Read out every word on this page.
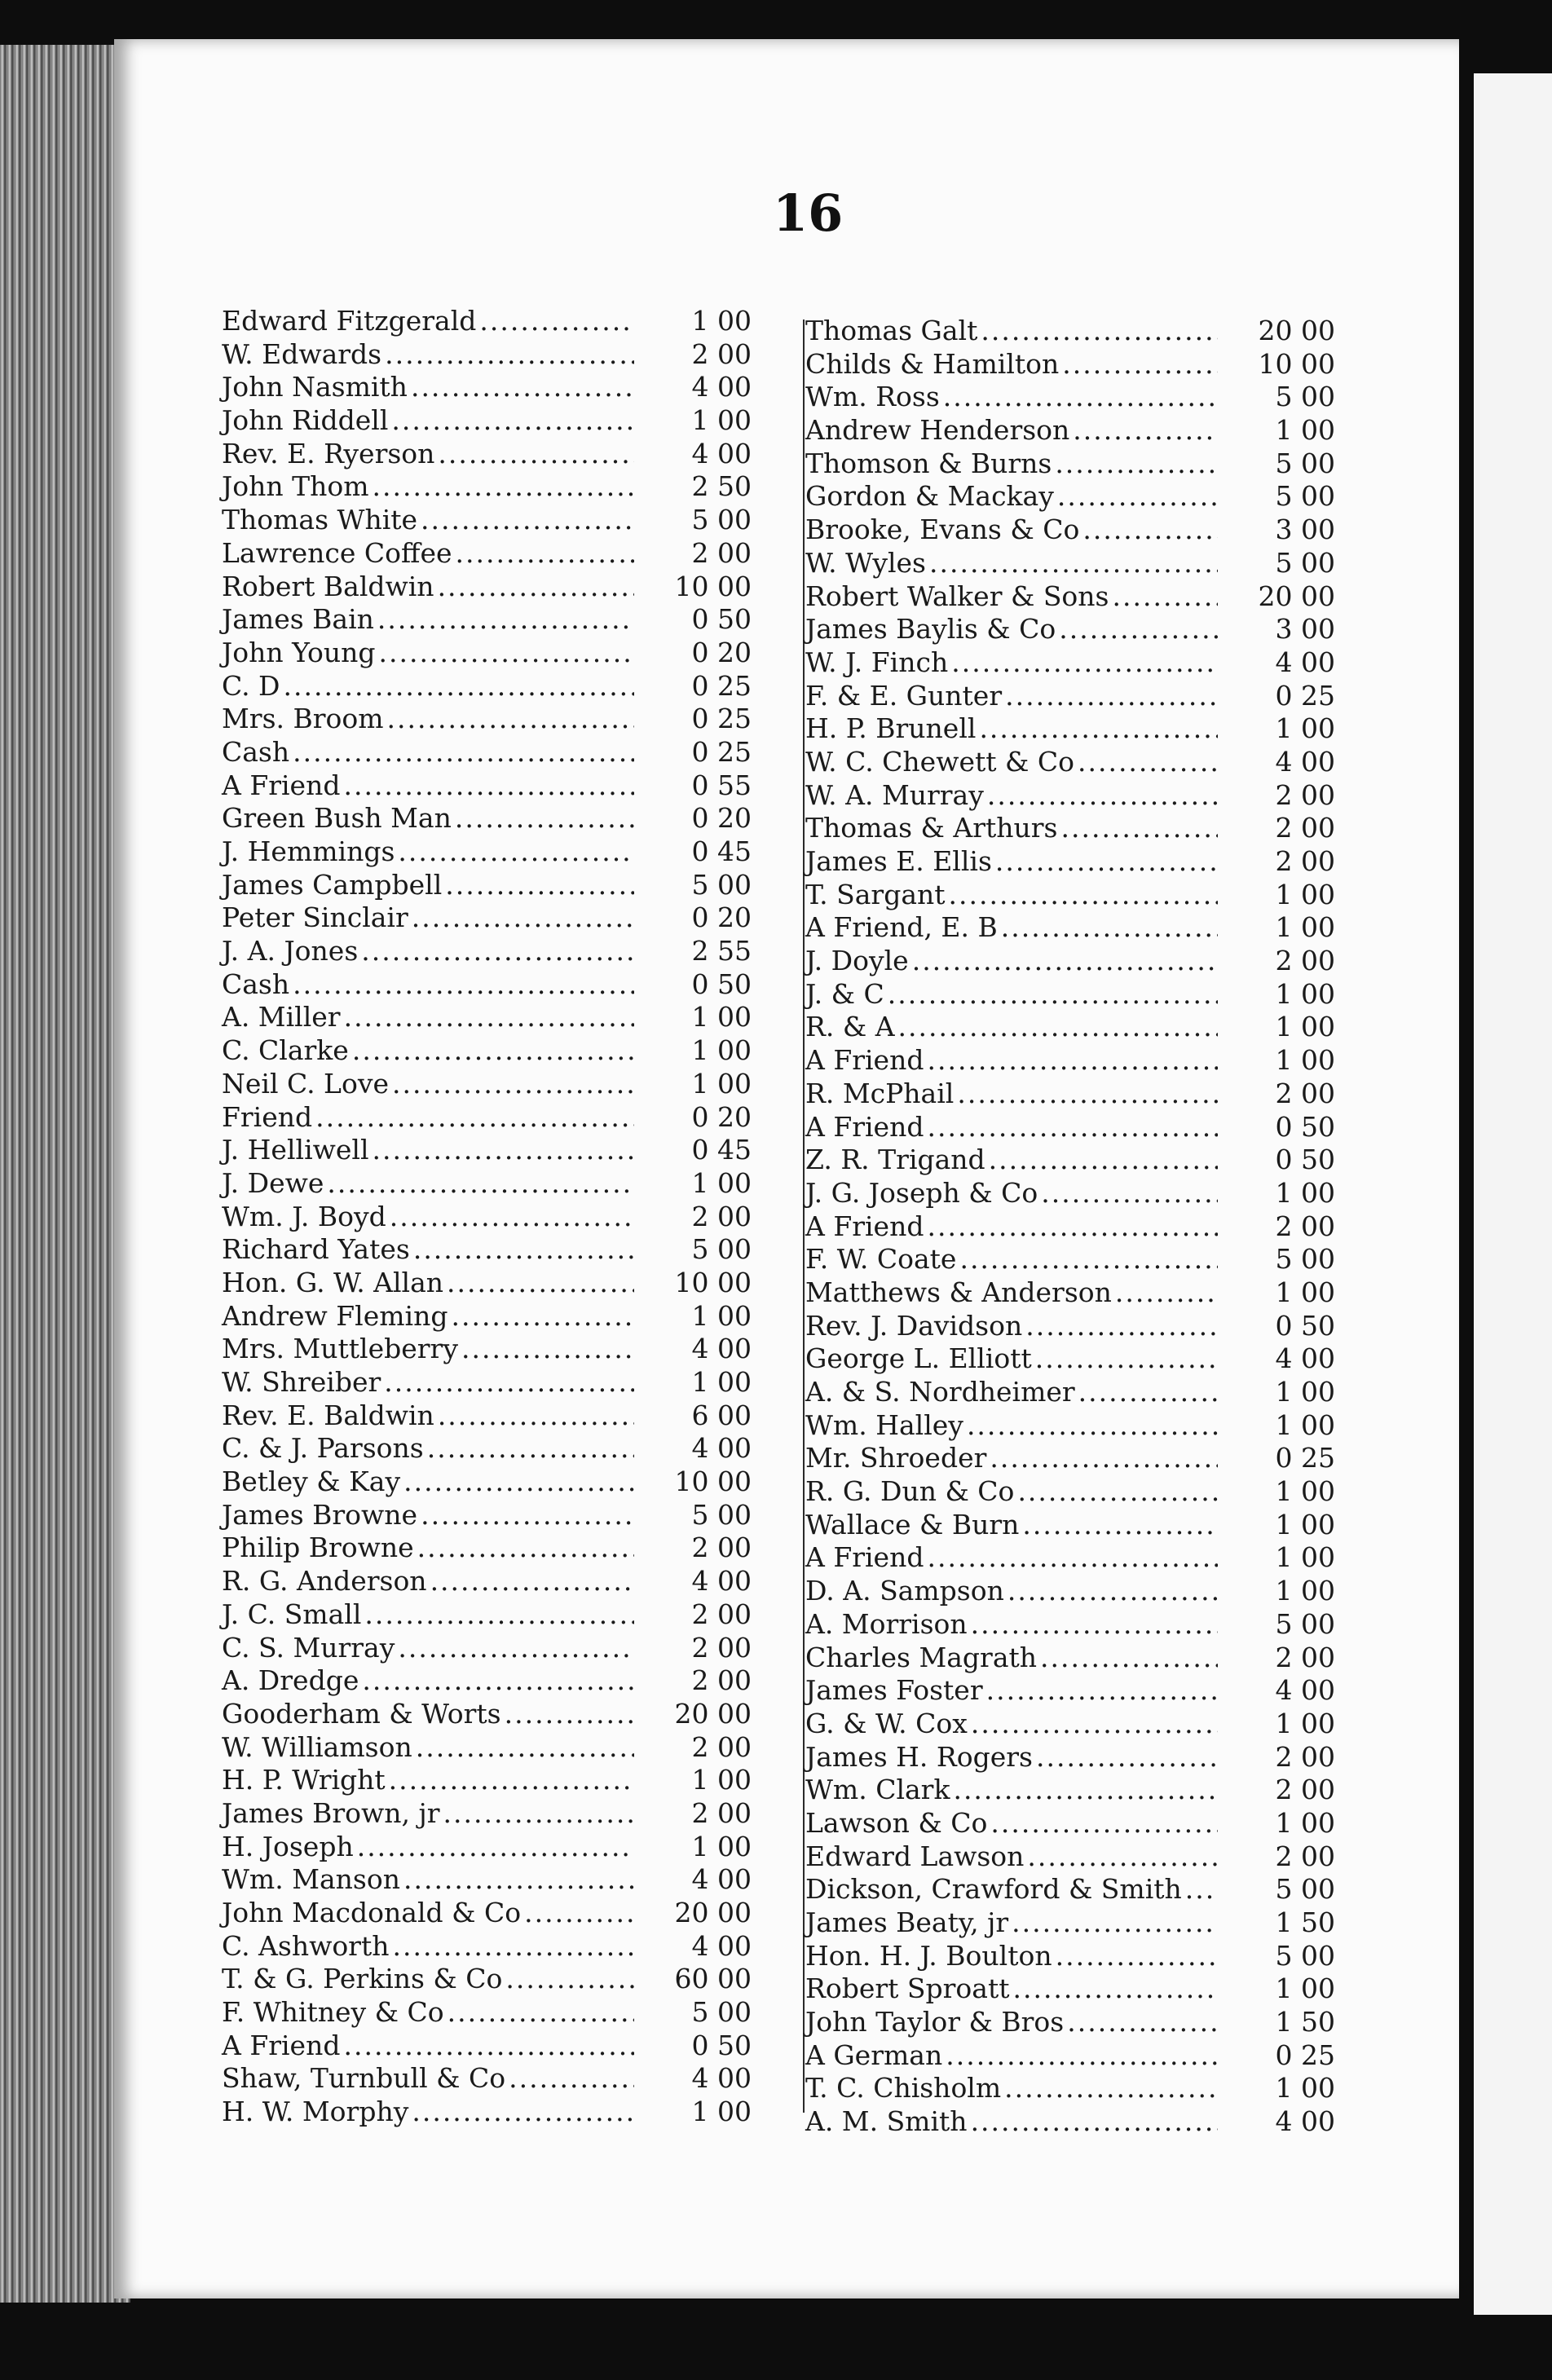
16
Edward Fitzgerald .....	1 00
W. Edwards .....	2 00
John Nasmith .....	4 00
John Riddell .....	1 00
Rev. E. Ryerson .....	4 00
John Thom .....	2 50
Thomas White .....	5 00
Lawrence Coffee .....	2 00
Robert Baldwin .....	10 00
James Bain .....	0 50
John Young .....	0 20
C. D .....	0 25
Mrs. Broom .....	0 25
Cash .....	0 25
A Friend .....	0 55
Green Bush Man .....	0 20
J. Hemmings .....	0 45
James Campbell .....	5 00
Peter Sinclair .....	0 20
J. A. Jones .....	2 55
Cash .....	0 50
A. Miller .....	1 00
C. Clarke .....	1 00
Neil C. Love .....	1 00
Friend .....	0 20
J. Helliwell .....	0 45
J. Dewe .....	1 00
Wm. J. Boyd .....	2 00
Richard Yates .....	5 00
Hon. G. W. Allan .....	10 00
Andrew Fleming .....	1 00
Mrs. Muttleberry .....	4 00
W. Shreiber .....	1 00
Rev. E. Baldwin .....	6 00
C. & J. Parsons .....	4 00
Betley & Kay .....	10 00
James Browne .....	5 00
Philip Browne .....	2 00
R. G. Anderson .....	4 00
J. C. Small .....	2 00
C. S. Murray .....	2 00
A. Dredge .....	2 00
Gooderham & Worts .....	20 00
W. Williamson .....	2 00
H. P. Wright .....	1 00
James Brown, jr .....	2 00
H. Joseph .....	1 00
Wm. Manson .....	4 00
John Macdonald & Co .....	20 00
C. Ashworth .....	4 00
T. & G. Perkins & Co .....	60 00
F. Whitney & Co .....	5 00
A Friend .....	0 50
Shaw, Turnbull & Co .....	4 00
H. W. Morphy .....	1 00
Thomas Galt .....	20 00
Childs & Hamilton .....	10 00
Wm. Ross .....	5 00
Andrew Henderson .....	1 00
Thomson & Burns .....	5 00
Gordon & Mackay .....	5 00
Brooke, Evans & Co .....	3 00
W. Wyles .....	5 00
Robert Walker & Sons .....	20 00
James Baylis & Co .....	3 00
W. J. Finch .....	4 00
F. & E. Gunter .....	0 25
H. P. Brunell .....	1 00
W. C. Chewett & Co .....	4 00
W. A. Murray .....	2 00
Thomas & Arthurs .....	2 00
James E. Ellis .....	2 00
T. Sargant .....	1 00
A Friend, E. B .....	1 00
J. Doyle .....	2 00
J. & C .....	1 00
R. & A .....	1 00
A Friend .....	1 00
R. McPhail .....	2 00
A Friend .....	0 50
Z. R. Trigand .....	0 50
J. G. Joseph & Co .....	1 00
A Friend .....	2 00
F. W. Coate .....	5 00
Matthews & Anderson .....	1 00
Rev. J. Davidson .....	0 50
George L. Elliott .....	4 00
A. & S. Nordheimer .....	1 00
Wm. Halley .....	1 00
Mr. Shroeder .....	0 25
R. G. Dun & Co .....	1 00
Wallace & Burn .....	1 00
A Friend .....	1 00
D. A. Sampson .....	1 00
A. Morrison .....	5 00
Charles Magrath .....	2 00
James Foster .....	4 00
G. & W. Cox .....	1 00
James H. Rogers .....	2 00
Wm. Clark .....	2 00
Lawson & Co .....	1 00
Edward Lawson .....	2 00
Dickson, Crawford & Smith .....	5 00
James Beaty, jr .....	1 50
Hon. H. J. Boulton .....	5 00
Robert Sproatt .....	1 00
John Taylor & Bros .....	1 50
A German .....	0 25
T. C. Chisholm .....	1 00
A. M. Smith .....	4 00
